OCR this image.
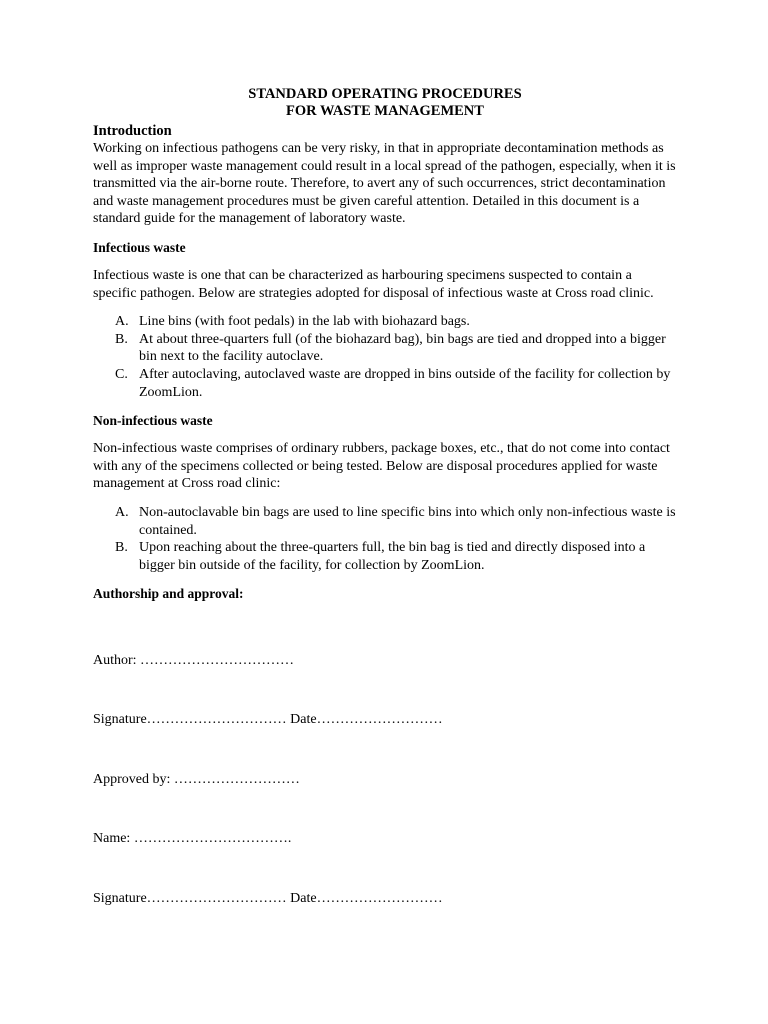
STANDARD OPERATING PROCEDURES
FOR WASTE MANAGEMENT
Introduction

Working on infectious pathogens can be very risky, in that in appropriate decontamination methods as well as improper waste management could result in a local spread of the pathogen, especially, when it is transmitted via the air-borne route. Therefore, to avert any of such occurrences, strict decontamination and waste management procedures must be given careful attention. Detailed in this document is a standard guide for the management of laboratory waste.

Infectious waste

Infectious waste is one that can be characterized as harbouring specimens suspected to contain a specific pathogen. Below are strategies adopted for disposal of infectious waste at Cross road clinic.

A. Line bins (with foot pedals) in the lab with biohazard bags.
B. At about three-quarters full (of the biohazard bag), bin bags are tied and dropped into a bigger bin next to the facility autoclave.
C. After autoclaving, autoclaved waste are dropped in bins outside of the facility for collection by ZoomLion.
Non-infectious waste

Non-infectious waste comprises of ordinary rubbers, package boxes, etc., that do not come into contact with any of the specimens collected or being tested. Below are disposal procedures applied for waste management at Cross road clinic:

A. Non-autoclavable bin bags are used to line specific bins into which only non-infectious waste is contained.
B. Upon reaching about the three-quarters full, the bin bag is tied and directly disposed into a bigger bin outside of the facility, for collection by ZoomLion.
Authorship and approval:
Author: ……………………………
Signature………………………… Date………………………
Approved by: ………………………
Name: …………………………….
Signature………………………… Date………………………
